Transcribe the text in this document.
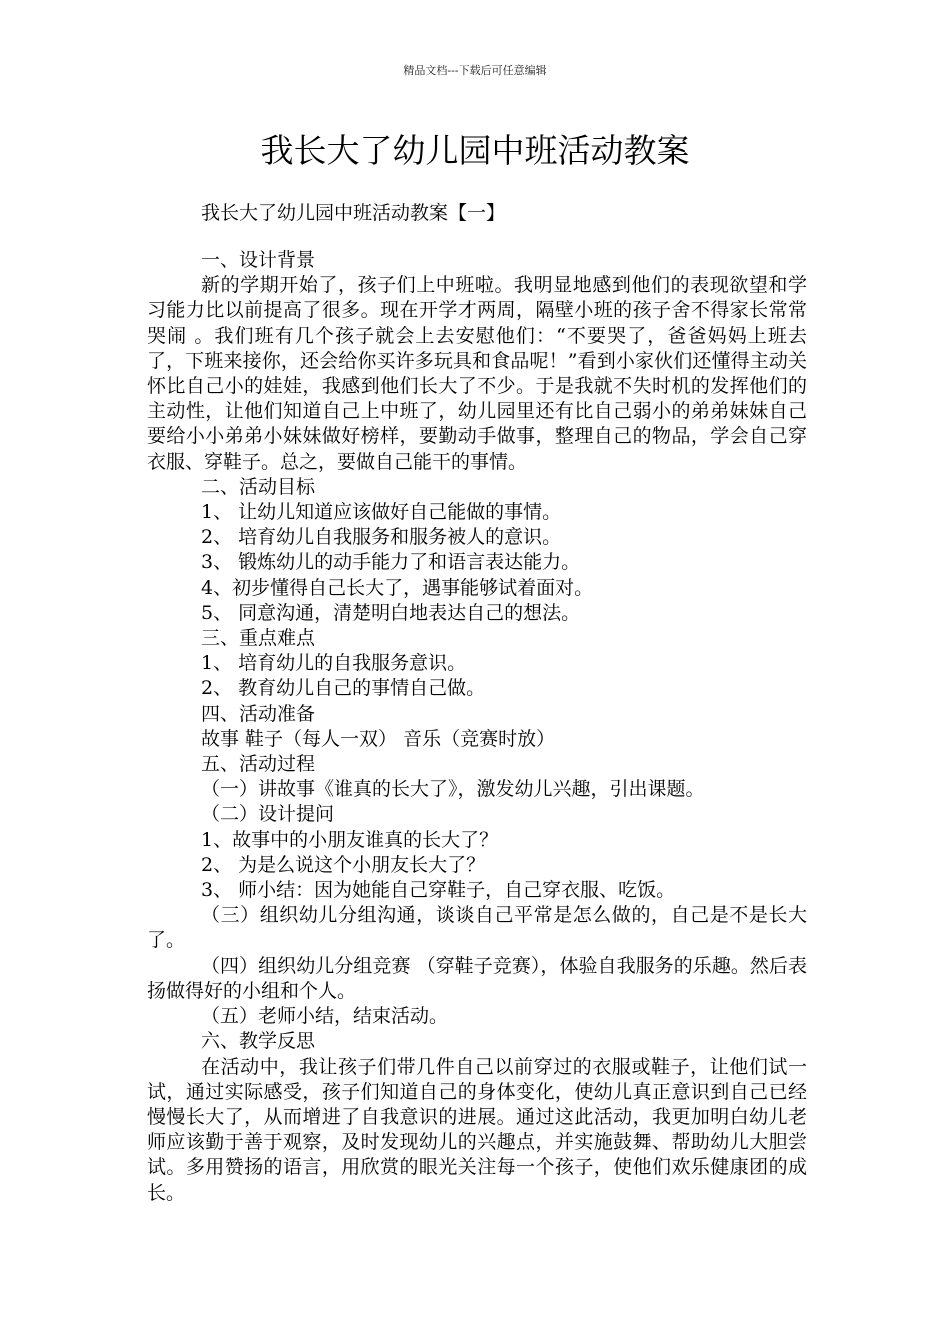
精品文档---下载后可任意编辑
我长大了幼儿园中班活动教案

我长大了幼儿园中班活动教案【一】

一、设计背景

新的学期开始了，孩子们上中班啦。我明显地感到他们的表现欲望和学习能力比以前提高了很多。现在开学才两周，隔壁小班的孩子舍不得家长常常哭闹 。我们班有几个孩子就会上去安慰他们：“不要哭了，爸爸妈妈上班去了，下班来接你，还会给你买许多玩具和食品呢！”看到小家伙们还懂得主动关怀比自己小的娃娃，我感到他们长大了不少。于是我就不失时机的发挥他们的主动性，让他们知道自己上中班了，幼儿园里还有比自己弱小的弟弟妹妹自己要给小小弟弟小妹妹做好榜样，要勤动手做事，整理自己的物品，学会自己穿衣服、穿鞋子。总之，要做自己能干的事情。

二、活动目标

1、 让幼儿知道应该做好自己能做的事情。

2、 培育幼儿自我服务和服务被人的意识。

3、 锻炼幼儿的动手能力了和语言表达能力。

4、初步懂得自己长大了，遇事能够试着面对。

5、 同意沟通，清楚明白地表达自己的想法。

三、重点难点

1、 培育幼儿的自我服务意识。

2、 教育幼儿自己的事情自己做。

四、活动准备

故事 鞋子（每人一双） 音乐（竞赛时放）

五、活动过程

（一）讲故事《谁真的长大了》，激发幼儿兴趣，引出课题。

（二）设计提问

1、故事中的小朋友谁真的长大了？

2、 为是么说这个小朋友长大了？

3、 师小结：因为她能自己穿鞋子，自己穿衣服、吃饭。

（三）组织幼儿分组沟通，谈谈自己平常是怎么做的，自己是不是长大了。

（四）组织幼儿分组竞赛 （穿鞋子竞赛），体验自我服务的乐趣。然后表扬做得好的小组和个人。

（五）老师小结，结束活动。

六、教学反思

在活动中，我让孩子们带几件自己以前穿过的衣服或鞋子，让他们试一试，通过实际感受，孩子们知道自己的身体变化，使幼儿真正意识到自己已经慢慢长大了，从而增进了自我意识的进展。通过这此活动，我更加明白幼儿老师应该勤于善于观察，及时发现幼儿的兴趣点，并实施鼓舞、帮助幼儿大胆尝试。多用赞扬的语言，用欣赏的眼光关注每一个孩子，使他们欢乐健康团的成长。
